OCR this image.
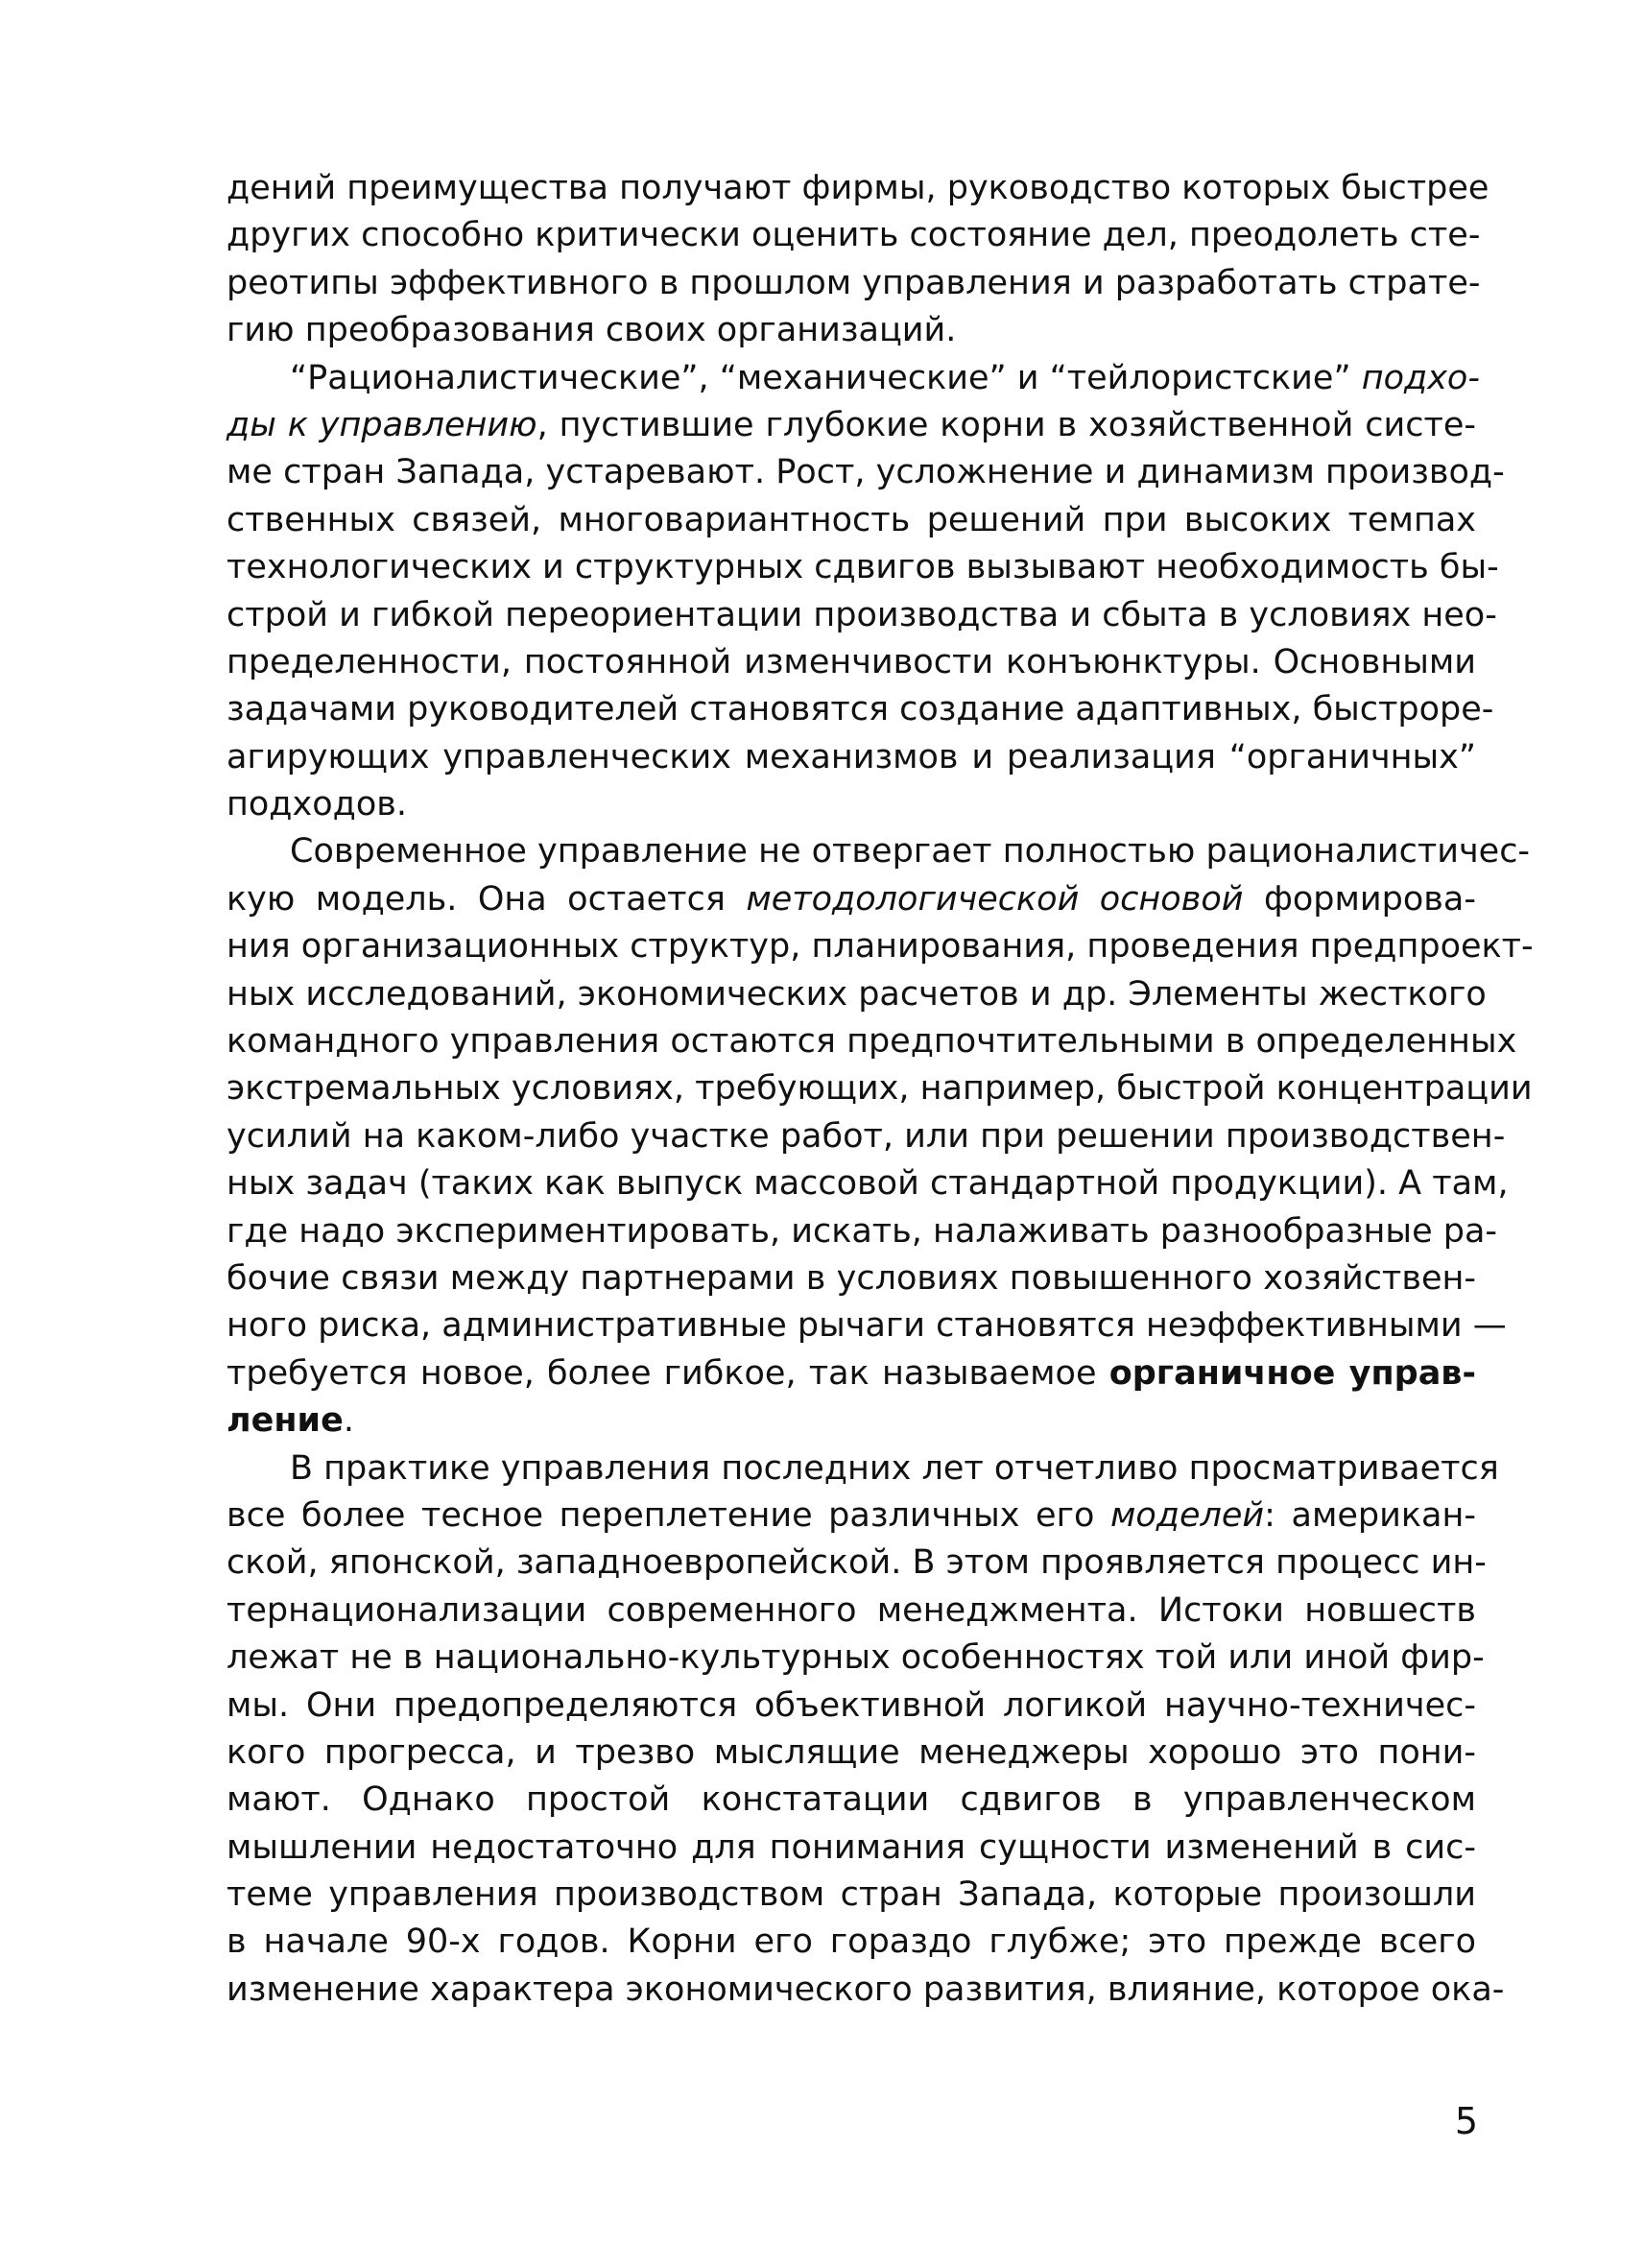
дений преимущества получают фирмы, руководство которых быстрее
других способно критически оценить состояние дел, преодолеть сте-
реотипы эффективного в прошлом управления и разработать страте-
гию преобразования своих организаций.
“Рационалистические”, “механические” и “тейлористские” подхо-
ды к управлению, пустившие глубокие корни в хозяйственной систе-
ме стран Запада, устаревают. Рост, усложнение и динамизм производ-
ственных связей, многовариантность решений при высоких темпах
технологических и структурных сдвигов вызывают необходимость бы-
строй и гибкой переориентации производства и сбыта в условиях нео-
пределенности, постоянной изменчивости конъюнктуры. Основными
задачами руководителей становятся создание адаптивных, быстроре-
агирующих управленческих механизмов и реализация “органичных”
подходов.
Современное управление не отвергает полностью рационалистичес-
кую модель. Она остается методологической основой формирова-
ния организационных структур, планирования, проведения предпроект-
ных исследований, экономических расчетов и др. Элементы жесткого
командного управления остаются предпочтительными в определенных
экстремальных условиях, требующих, например, быстрой концентрации
усилий на каком-либо участке работ, или при решении производствен-
ных задач (таких как выпуск массовой стандартной продукции). А там,
где надо экспериментировать, искать, налаживать разнообразные ра-
бочие связи между партнерами в условиях повышенного хозяйствен-
ного риска, административные рычаги становятся неэффективными —
требуется новое, более гибкое, так называемое органичное управ-
ление.
В практике управления последних лет отчетливо просматривается
все более тесное переплетение различных его моделей: американ-
ской, японской, западноевропейской. В этом проявляется процесс ин-
тернационализации современного менеджмента. Истоки новшеств
лежат не в национально-культурных особенностях той или иной фир-
мы. Они предопределяются объективной логикой научно-техничес-
кого прогресса, и трезво мыслящие менеджеры хорошо это пони-
мают. Однако простой констатации сдвигов в управленческом
мышлении недостаточно для понимания сущности изменений в сис-
теме управления производством стран Запада, которые произошли
в начале 90-х годов. Корни его гораздо глубже; это прежде всего
изменение характера экономического развития, влияние, которое ока-
5
